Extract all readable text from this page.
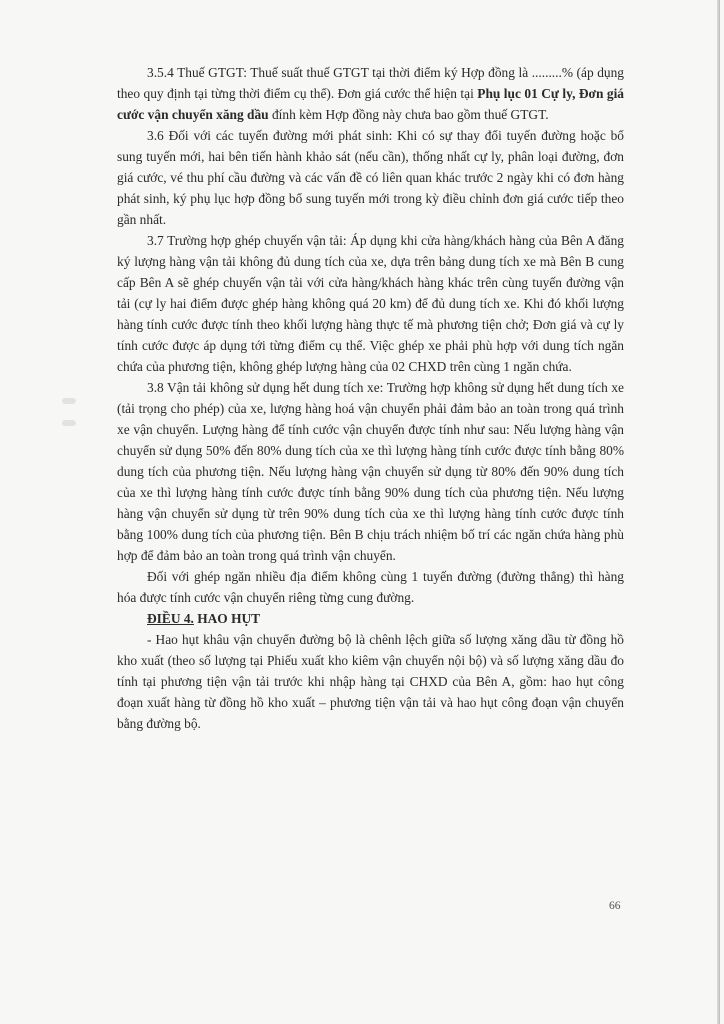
3.5.4 Thuế GTGT: Thuế suất thuế GTGT tại thời điểm ký Hợp đồng là .........% (áp dụng theo quy định tại từng thời điểm cụ thể). Đơn giá cước thể hiện tại Phụ lục 01 Cự ly, Đơn giá cước vận chuyển xăng dầu đính kèm Hợp đồng này chưa bao gồm thuế GTGT.

3.6 Đối với các tuyến đường mới phát sinh: Khi có sự thay đổi tuyến đường hoặc bổ sung tuyến mới, hai bên tiến hành khảo sát (nếu cần), thống nhất cự ly, phân loại đường, đơn giá cước, vé thu phí cầu đường và các vấn đề có liên quan khác trước 2 ngày khi có đơn hàng phát sinh, ký phụ lục hợp đồng bổ sung tuyến mới trong kỳ điều chỉnh đơn giá cước tiếp theo gần nhất.

3.7 Trường hợp ghép chuyến vận tải: Áp dụng khi cửa hàng/khách hàng của Bên A đăng ký lượng hàng vận tải không đủ dung tích của xe, dựa trên bảng dung tích xe mà Bên B cung cấp Bên A sẽ ghép chuyến vận tải với cửa hàng/khách hàng khác trên cùng tuyến đường vận tải (cự ly hai điểm được ghép hàng không quá 20 km) để đủ dung tích xe. Khi đó khối lượng hàng tính cước được tính theo khối lượng hàng thực tế mà phương tiện chở; Đơn giá và cự ly tính cước được áp dụng tới từng điểm cụ thể. Việc ghép xe phải phù hợp với dung tích ngăn chứa của phương tiện, không ghép lượng hàng của 02 CHXD trên cùng 1 ngăn chứa.

3.8 Vận tải không sử dụng hết dung tích xe: Trường hợp không sử dụng hết dung tích xe (tải trọng cho phép) của xe, lượng hàng hoá vận chuyển phải đảm bảo an toàn trong quá trình xe vận chuyển. Lượng hàng để tính cước vận chuyển được tính như sau: Nếu lượng hàng vận chuyển sử dụng 50% đến 80% dung tích của xe thì lượng hàng tính cước được tính bằng 80% dung tích của phương tiện. Nếu lượng hàng vận chuyển sử dụng từ 80% đến 90% dung tích của xe thì lượng hàng tính cước được tính bằng 90% dung tích của phương tiện. Nếu lượng hàng vận chuyển sử dụng từ trên 90% dung tích của xe thì lượng hàng tính cước được tính bằng 100% dung tích của phương tiện. Bên B chịu trách nhiệm bố trí các ngăn chứa hàng phù hợp để đảm bảo an toàn trong quá trình vận chuyển.

Đối với ghép ngăn nhiều địa điểm không cùng 1 tuyến đường (đường thẳng) thì hàng hóa được tính cước vận chuyển riêng từng cung đường.

ĐIỀU 4. HAO HỤT

- Hao hụt khâu vận chuyển đường bộ là chênh lệch giữa số lượng xăng dầu từ đồng hồ kho xuất (theo số lượng tại Phiếu xuất kho kiêm vận chuyển nội bộ) và số lượng xăng dầu đo tính tại phương tiện vận tải trước khi nhập hàng tại CHXD của Bên A, gồm: hao hụt công đoạn xuất hàng từ đồng hồ kho xuất – phương tiện vận tải và hao hụt công đoạn vận chuyển bằng đường bộ.

66
